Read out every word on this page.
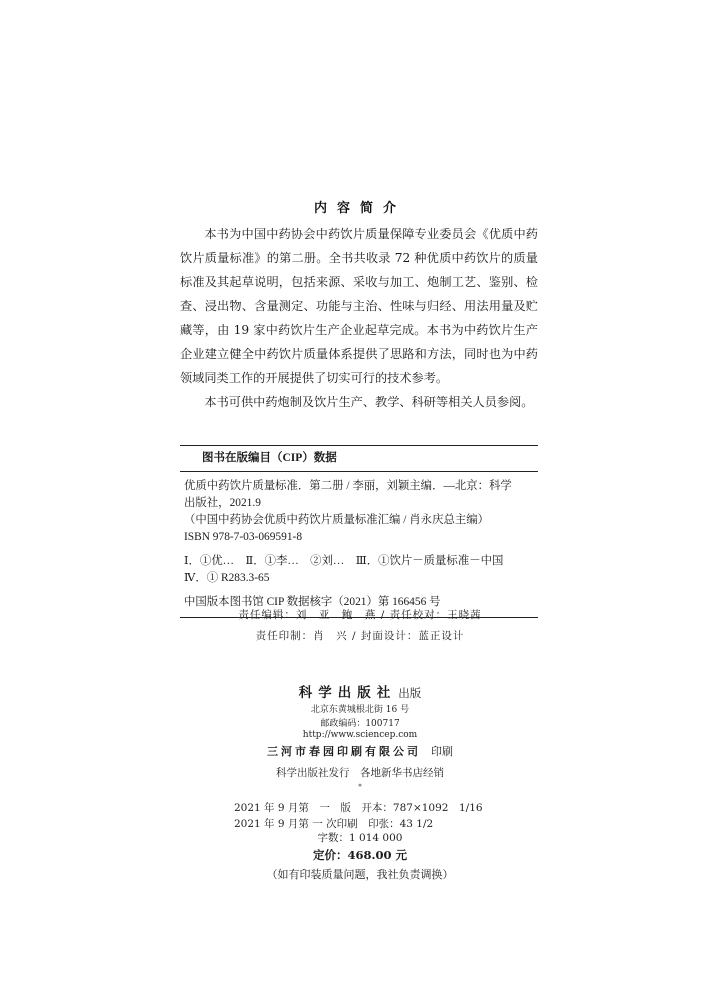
内容简介

本书为中国中药协会中药饮片质量保障专业委员会《优质中药饮片质量标准》的第二册。全书共收录 72 种优质中药饮片的质量标准及其起草说明，包括来源、采收与加工、炮制工艺、鉴别、检查、浸出物、含量测定、功能与主治、性味与归经、用法用量及贮藏等，由 19 家中药饮片生产企业起草完成。本书为中药饮片生产企业建立健全中药饮片质量体系提供了思路和方法，同时也为中药领域同类工作的开展提供了切实可行的技术参考。

本书可供中药炮制及饮片生产、教学、科研等相关人员参阅。

图书在版编目（CIP）数据
优质中药饮片质量标准．第二册 / 李丽，刘颖主编．—北京：科学
出版社，2021.9
（中国中药协会优质中药饮片质量标准汇编 / 肖永庆总主编）
ISBN 978-7-03-069591-8
Ⅰ．①优…　Ⅱ．①李…　②刘…　Ⅲ．①饮片－质量标准－中国
Ⅳ．① R283.3-65
中国版本图书馆 CIP 数据核字（2021）第 166456 号
责任编辑：刘　亚　鲍　燕 / 责任校对：王晓茜
责任印制：肖　兴 / 封面设计：蓝正设计
科学出版社 出版
北京东黄城根北街 16 号
邮政编码：100717
http://www.sciencep.com
三河市春园印刷有限公司 印刷
科学出版社发行　各地新华书店经销
*
2021 年 9 月第　一　版　开本：787×1092　1/16
2021 年 9 月第 一 次印刷　印张：43 1/2
字数：1 014 000
定价：468.00 元
（如有印装质量问题，我社负责调换）
